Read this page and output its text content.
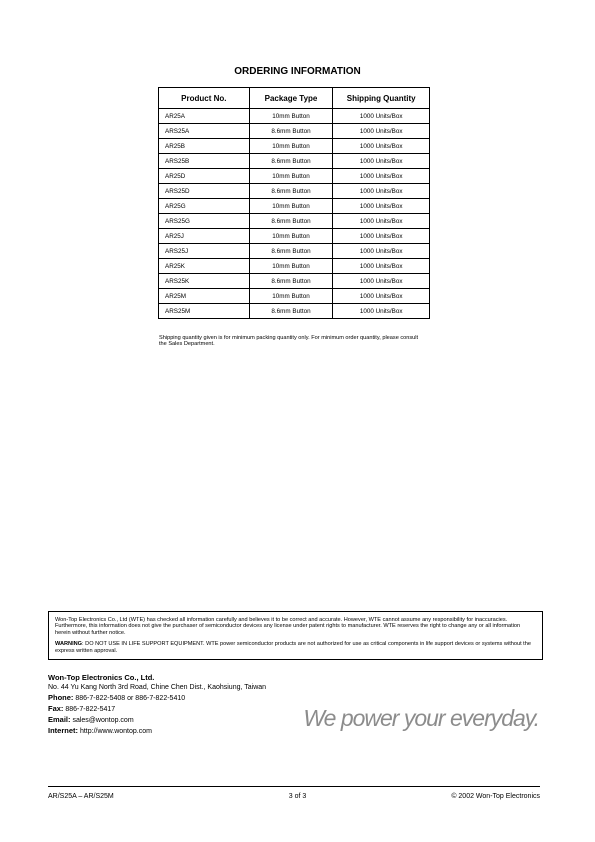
ORDERING INFORMATION
Product No.	Package Type	Shipping Quantity
AR25A	10mm Button	1000 Units/Box
ARS25A	8.6mm Button	1000 Units/Box
AR25B	10mm Button	1000 Units/Box
ARS25B	8.6mm Button	1000 Units/Box
AR25D	10mm Button	1000 Units/Box
ARS25D	8.6mm Button	1000 Units/Box
AR25G	10mm Button	1000 Units/Box
ARS25G	8.6mm Button	1000 Units/Box
AR25J	10mm Button	1000 Units/Box
ARS25J	8.6mm Button	1000 Units/Box
AR25K	10mm Button	1000 Units/Box
ARS25K	8.6mm Button	1000 Units/Box
AR25M	10mm Button	1000 Units/Box
ARS25M	8.6mm Button	1000 Units/Box
Shipping quantity given is for minimum packing quantity only. For minimum order quantity, please consult the Sales Department.

Won-Top Electronics Co., Ltd (WTE) has checked all information carefully and believes it to be correct and accurate. However, WTE cannot assume any responsibility for inaccuracies. Furthermore, this information does not give the purchaser of semiconductor devices any license under patent rights to manufacturer. WTE reserves the right to change any or all information herein without further notice.

WARNING: DO NOT USE IN LIFE SUPPORT EQUIPMENT. WTE power semiconductor products are not authorized for use as critical components in life support devices or systems without the express written approval.

Won-Top Electronics Co., Ltd.
No. 44 Yu Kang North 3rd Road, Chine Chen Dist., Kaohsiung, Taiwan
Phone: 886-7-822-5408 or 886-7-822-5410
Fax: 886-7-822-5417
Email: sales@wontop.com
Internet: http://www.wontop.com
We power your everyday.
AR/S25A – AR/S25M	3 of 3	© 2002 Won-Top Electronics
